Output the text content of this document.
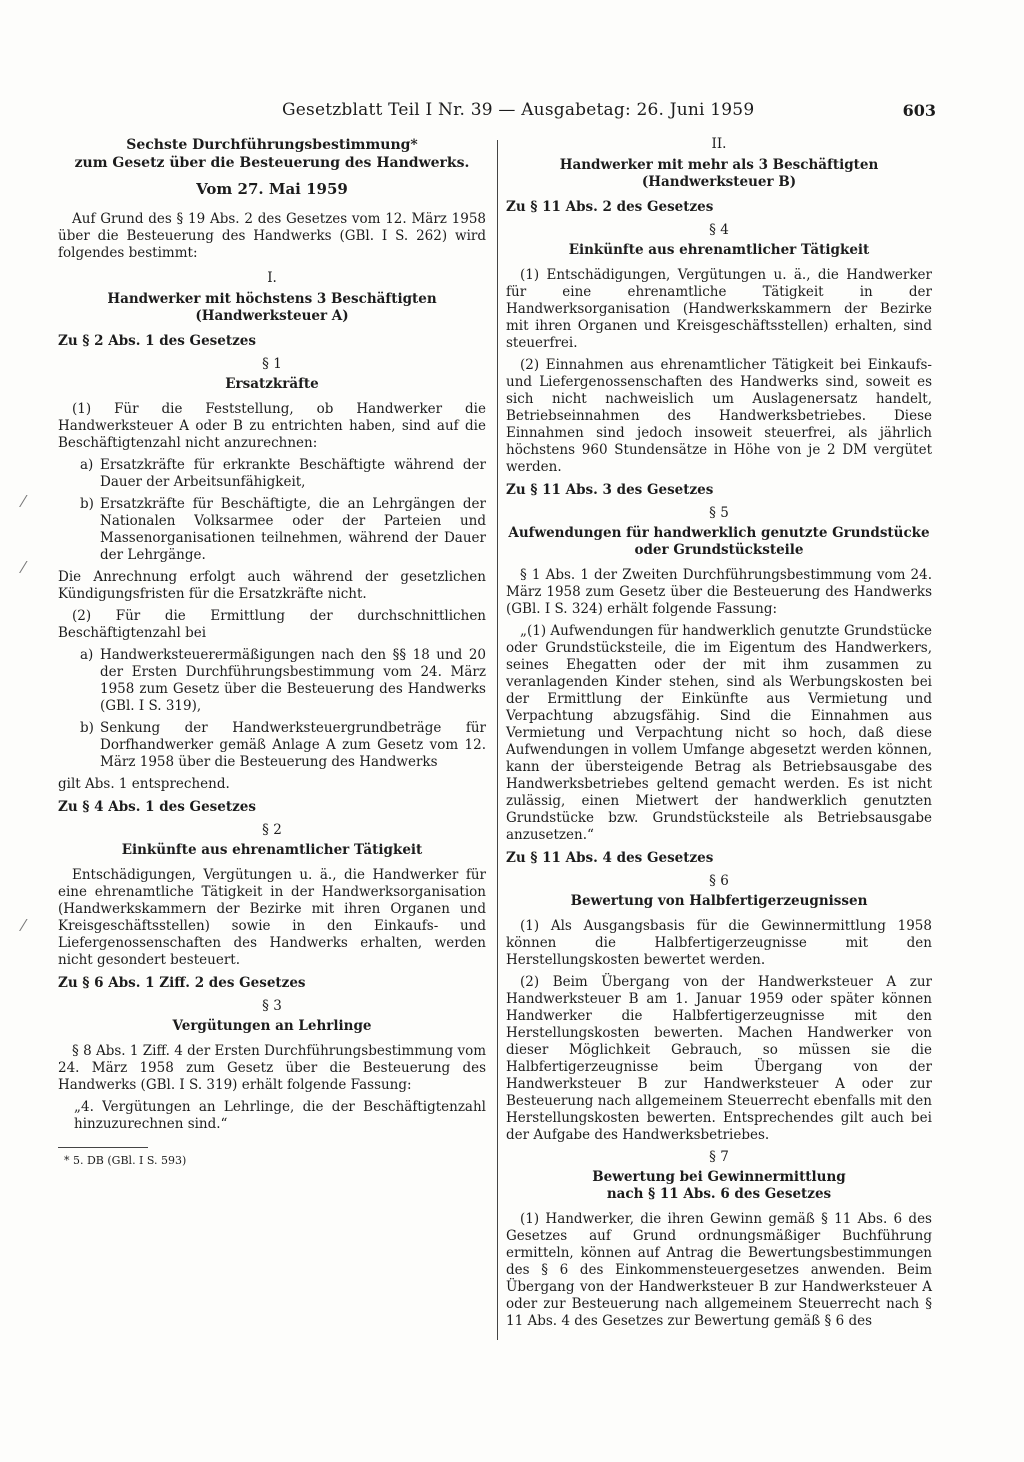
Gesetzblatt Teil I Nr. 39 — Ausgabetag: 26. Juni 1959	603
⁄
⁄
⁄
Sechste Durchführungsbestimmung*
zum Gesetz über die Besteuerung des Handwerks.
Vom 27. Mai 1959

Auf Grund des § 19 Abs. 2 des Gesetzes vom 12. März 1958 über die Besteuerung des Handwerks (GBl. I S. 262) wird folgendes bestimmt:

I.
Handwerker mit höchstens 3 Beschäftigten
(Handwerksteuer A)
Zu § 2 Abs. 1 des Gesetzes
§ 1
Ersatzkräfte

(1) Für die Feststellung, ob Handwerker die Handwerksteuer A oder B zu entrichten haben, sind auf die Beschäftigtenzahl nicht anzurechnen:

a) Ersatzkräfte für erkrankte Beschäftigte während der Dauer der Arbeitsunfähigkeit,
b) Ersatzkräfte für Beschäftigte, die an Lehrgängen der Nationalen Volksarmee oder der Parteien und Massenorganisationen teilnehmen, während der Dauer der Lehrgänge.

Die Anrechnung erfolgt auch während der gesetzlichen Kündigungsfristen für die Ersatzkräfte nicht.

(2) Für die Ermittlung der durchschnittlichen Beschäftigtenzahl bei

a) Handwerksteuerermäßigungen nach den §§ 18 und 20 der Ersten Durchführungsbestimmung vom 24. März 1958 zum Gesetz über die Besteuerung des Handwerks (GBl. I S. 319),
b) Senkung der Handwerksteuergrundbeträge für Dorfhandwerker gemäß Anlage A zum Gesetz vom 12. März 1958 über die Besteuerung des Handwerks

gilt Abs. 1 entsprechend.

Zu § 4 Abs. 1 des Gesetzes
§ 2
Einkünfte aus ehrenamtlicher Tätigkeit

Entschädigungen, Vergütungen u. ä., die Handwerker für eine ehrenamtliche Tätigkeit in der Handwerksorganisation (Handwerkskammern der Bezirke mit ihren Organen und Kreisgeschäftsstellen) sowie in den Einkaufs- und Liefergenossenschaften des Handwerks erhalten, werden nicht gesondert besteuert.

Zu § 6 Abs. 1 Ziff. 2 des Gesetzes
§ 3
Vergütungen an Lehrlinge

§ 8 Abs. 1 Ziff. 4 der Ersten Durchführungsbestimmung vom 24. März 1958 zum Gesetz über die Besteuerung des Handwerks (GBl. I S. 319) erhält folgende Fassung:

„4. Vergütungen an Lehrlinge, die der Beschäftigtenzahl hinzuzurechnen sind.“

* 5. DB (GBl. I S. 593)
II.
Handwerker mit mehr als 3 Beschäftigten
(Handwerksteuer B)
Zu § 11 Abs. 2 des Gesetzes
§ 4
Einkünfte aus ehrenamtlicher Tätigkeit

(1) Entschädigungen, Vergütungen u. ä., die Handwerker für eine ehrenamtliche Tätigkeit in der Handwerksorganisation (Handwerkskammern der Bezirke mit ihren Organen und Kreisgeschäftsstellen) erhalten, sind steuerfrei.

(2) Einnahmen aus ehrenamtlicher Tätigkeit bei Einkaufs- und Liefergenossenschaften des Handwerks sind, soweit es sich nicht nachweislich um Auslagenersatz handelt, Betriebseinnahmen des Handwerksbetriebes. Diese Einnahmen sind jedoch insoweit steuerfrei, als jährlich höchstens 960 Stundensätze in Höhe von je 2 DM vergütet werden.

Zu § 11 Abs. 3 des Gesetzes
§ 5
Aufwendungen für handwerklich genutzte Grundstücke oder Grundstücksteile

§ 1 Abs. 1 der Zweiten Durchführungsbestimmung vom 24. März 1958 zum Gesetz über die Besteuerung des Handwerks (GBl. I S. 324) erhält folgende Fassung:

„(1) Aufwendungen für handwerklich genutzte Grundstücke oder Grundstücksteile, die im Eigentum des Handwerkers, seines Ehegatten oder der mit ihm zusammen zu veranlagenden Kinder stehen, sind als Werbungskosten bei der Ermittlung der Einkünfte aus Vermietung und Verpachtung abzugsfähig. Sind die Einnahmen aus Vermietung und Verpachtung nicht so hoch, daß diese Aufwendungen in vollem Umfange abgesetzt werden können, kann der übersteigende Betrag als Betriebsausgabe des Handwerksbetriebes geltend gemacht werden. Es ist nicht zulässig, einen Mietwert der handwerklich genutzten Grundstücke bzw. Grundstücksteile als Betriebsausgabe anzusetzen.“

Zu § 11 Abs. 4 des Gesetzes
§ 6
Bewertung von Halbfertigerzeugnissen

(1) Als Ausgangsbasis für die Gewinnermittlung 1958 können die Halbfertigerzeugnisse mit den Herstellungskosten bewertet werden.

(2) Beim Übergang von der Handwerksteuer A zur Handwerksteuer B am 1. Januar 1959 oder später können Handwerker die Halbfertigerzeugnisse mit den Herstellungskosten bewerten. Machen Handwerker von dieser Möglichkeit Gebrauch, so müssen sie die Halbfertigerzeugnisse beim Übergang von der Handwerksteuer B zur Handwerksteuer A oder zur Besteuerung nach allgemeinem Steuerrecht ebenfalls mit den Herstellungskosten bewerten. Entsprechendes gilt auch bei der Aufgabe des Handwerksbetriebes.

§ 7
Bewertung bei Gewinnermittlung
nach § 11 Abs. 6 des Gesetzes

(1) Handwerker, die ihren Gewinn gemäß § 11 Abs. 6 des Gesetzes auf Grund ordnungsmäßiger Buchführung ermitteln, können auf Antrag die Bewertungsbestimmungen des § 6 des Einkommensteuergesetzes anwenden. Beim Übergang von der Handwerksteuer B zur Handwerksteuer A oder zur Besteuerung nach allgemeinem Steuerrecht nach § 11 Abs. 4 des Gesetzes zur Bewertung gemäß § 6 des
